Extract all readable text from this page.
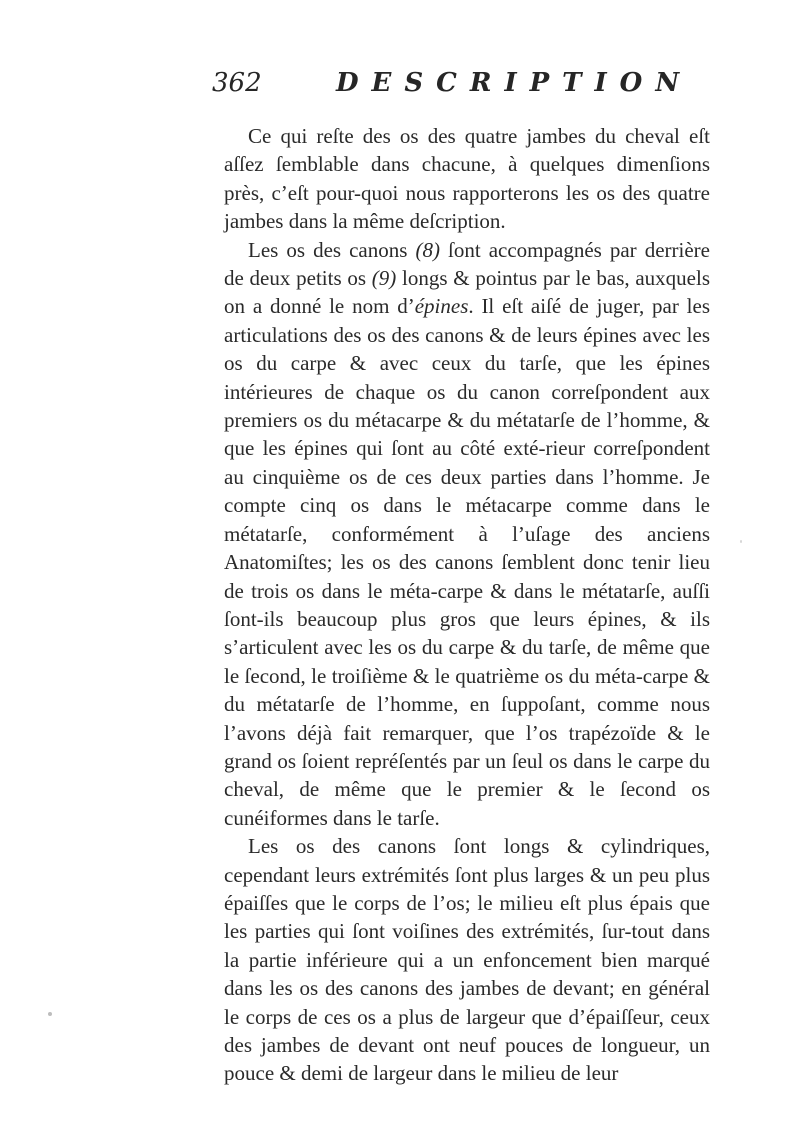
362	DESCRIPTION

Ce qui reſte des os des quatre jambes du cheval eſt aſſez ſemblable dans chacune, à quelques dimenſions près, c’eſt pour-quoi nous rapporterons les os des quatre jambes dans la même deſcription.

Les os des canons (8) ſont accompagnés par derrière de deux petits os (9) longs & pointus par le bas, auxquels on a donné le nom d’épines. Il eſt aiſé de juger, par les articulations des os des canons & de leurs épines avec les os du carpe & avec ceux du tarſe, que les épines intérieures de chaque os du canon correſpondent aux premiers os du métacarpe & du métatarſe de l’homme, & que les épines qui ſont au côté exté-rieur correſpondent au cinquième os de ces deux parties dans l’homme. Je compte cinq os dans le métacarpe comme dans le métatarſe, conformément à l’uſage des anciens Anatomiſtes; les os des canons ſemblent donc tenir lieu de trois os dans le méta-carpe & dans le métatarſe, auſſi ſont-ils beaucoup plus gros que leurs épines, & ils s’articulent avec les os du carpe & du tarſe, de même que le ſecond, le troiſième & le quatrième os du méta-carpe & du métatarſe de l’homme, en ſuppoſant, comme nous l’avons déjà fait remarquer, que l’os trapézoïde & le grand os ſoient repréſentés par un ſeul os dans le carpe du cheval, de même que le premier & le ſecond os cunéiformes dans le tarſe.

Les os des canons ſont longs & cylindriques, cependant leurs extrémités ſont plus larges & un peu plus épaiſſes que le corps de l’os; le milieu eſt plus épais que les parties qui ſont voiſines des extrémités, ſur-tout dans la partie inférieure qui a un enfoncement bien marqué dans les os des canons des jambes de devant; en général le corps de ces os a plus de largeur que d’épaiſſeur, ceux des jambes de devant ont neuf pouces de longueur, un pouce & demi de largeur dans le milieu de leur
